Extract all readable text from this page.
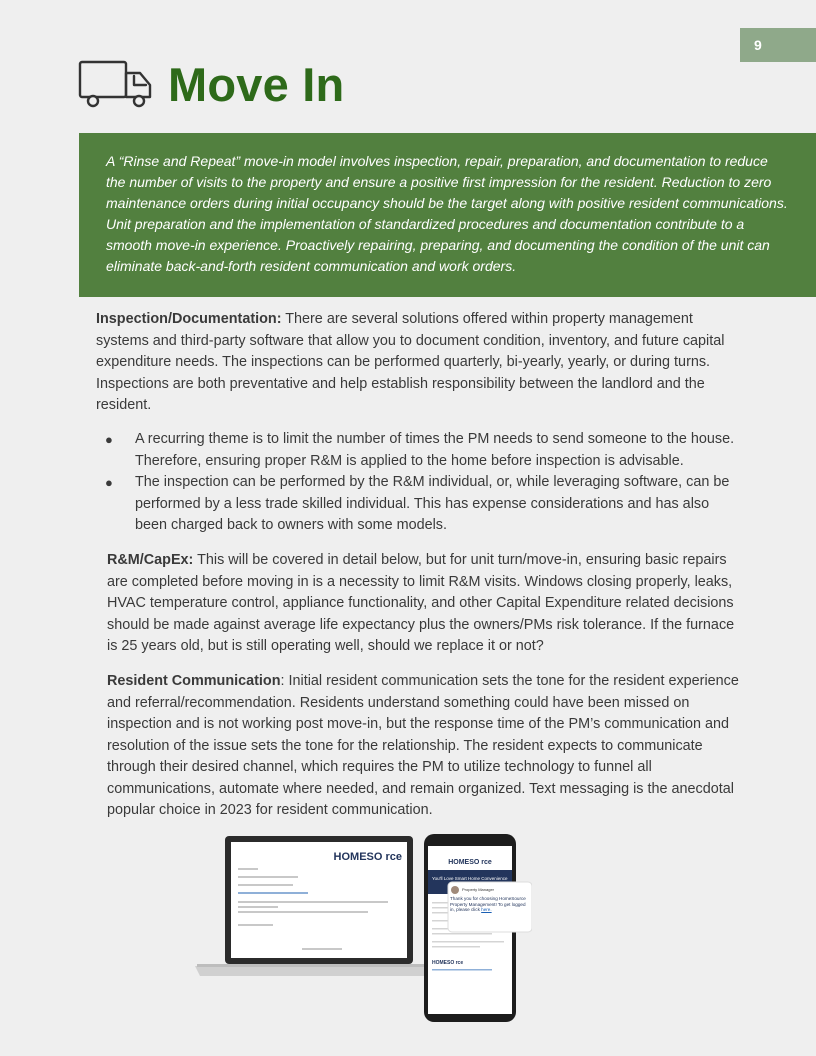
9
Move In
A “Rinse and Repeat” move-in model involves inspection, repair, preparation, and documentation to reduce the number of visits to the property and ensure a positive first impression for the resident. Reduction to zero maintenance orders during initial occupancy should be the target along with positive resident communications. Unit preparation and the implementation of standardized procedures and documentation contribute to a smooth move-in experience. Proactively repairing, preparing, and documenting the condition of the unit can eliminate back-and-forth resident communication and work orders.

Inspection/Documentation: There are several solutions offered within property management systems and third-party software that allow you to document condition, inventory, and future capital expenditure needs. The inspections can be performed quarterly, bi-yearly, yearly, or during turns. Inspections are both preventative and help establish responsibility between the landlord and the resident.

● A recurring theme is to limit the number of times the PM needs to send someone to the house. Therefore, ensuring proper R&M is applied to the home before inspection is advisable.
● The inspection can be performed by the R&M individual, or, while leveraging software, can be performed by a less trade skilled individual. This has expense considerations and has also been charged back to owners with some models.

R&M/CapEx: This will be covered in detail below, but for unit turn/move-in, ensuring basic repairs are completed before moving in is a necessity to limit R&M visits. Windows closing properly, leaks, HVAC temperature control, appliance functionality, and other Capital Expenditure related decisions should be made against average life expectancy plus the owners/PMs risk tolerance. If the furnace is 25 years old, but is still operating well, should we replace it or not?

Resident Communication: Initial resident communication sets the tone for the resident experience and referral/recommendation. Residents understand something could have been missed on inspection and is not working post move-in, but the response time of the PM’s communication and resolution of the issue sets the tone for the relationship. The resident expects to communicate through their desired channel, which requires the PM to utilize technology to funnel all communications, automate where needed, and remain organized. Text messaging is the anecdotal popular choice in 2023 for resident communication.

HOMESO rce	HOMESO rce
You'll Love Smart Home Convenience
HOMESO rce
Property Manager
Thank you for choosing HomeSource Property Management! To get logged in, please click here.
